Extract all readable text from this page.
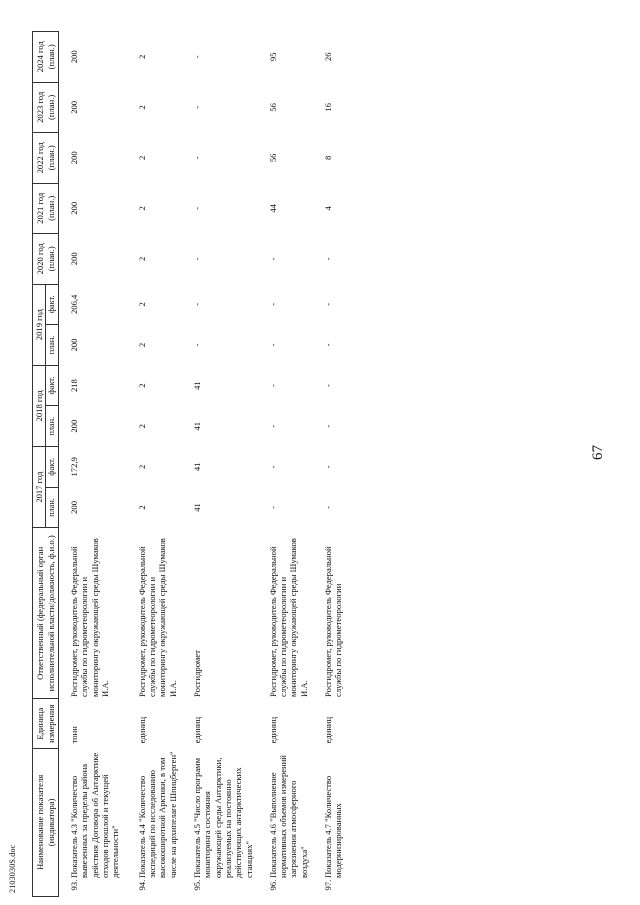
67
2103030S.doc Наименование показателя (индикатора)		Единица измерения	Ответственный (федеральный орган исполнительной власти/должность, ф.и.о.)	2017 год		2018 год		2019 год		2020 год (план.)	2021 год (план.)	2022 год (план.)	2023 год (план.)	2024 год (план.)
				план.	факт.	план.	факт.	план.	факт.					
93.	Показатель 4.3 "Количество вывезенных за пределы района действия Договора об Антарктике отходов прошлой и текущей деятельности"	тонн	Росгидромет, руководитель Федеральной службы по гидрометеорологии и мониторингу окружающей среды Шумаков И.А.	200	172,9	200	218	200	206,4	200	200	200	200	200
94.	Показатель 4.4 "Количество экспедиций по исследованию высокоширотной Арктики, в том числе на архипелаге Шпицберген"	единиц	Росгидромет, руководитель Федеральной службы по гидрометеорологии и мониторингу окружающей среды Шумаков И.А.	2	2	2	2	2	2	2	2	2	2	2
95.	Показатель 4.5 "Число программ мониторинга состояния окружающей среды Антарктики, реализуемых на постоянно действующих антарктических станциях"	единиц	Росгидромет	41	41	41	41	-	-	-	-	-	-	-
96.	Показатель 4.6 "Выполнение нормативных объемов измерений загрязнения атмосферного воздуха"	единиц	Росгидромет, руководитель Федеральной службы по гидрометеорологии и мониторингу окружающей среды Шумаков И.А.	-	-	-	-	-	-	-	44	56	56	95
97.	Показатель 4.7 "Количество модернизированных	единиц	Росгидромет, руководитель Федеральной службы по гидрометеорологии	-	-	-	-	-	-	-	4	8	16	26
